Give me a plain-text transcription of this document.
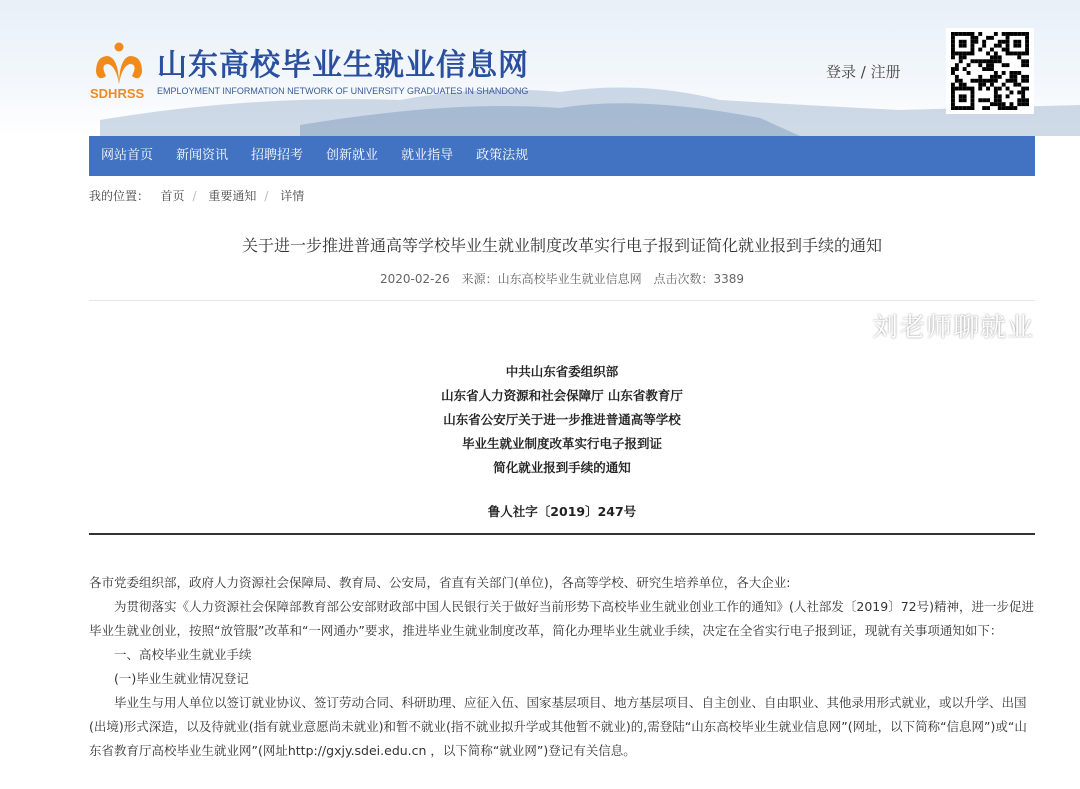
SDHRSS
山东高校毕业生就业信息网
EMPLOYMENT INFORMATION NETWORK OF UNIVERSITY GRADUATES IN SHANDONG
登录 / 注册
网站首页 新闻资讯 招聘招考 创新就业 就业指导 政策法规
我的位置： 首页 / 重要通知 / 详情
关于进一步推进普通高等学校毕业生就业制度改革实行电子报到证简化就业报到手续的通知
2020-02-26 来源：山东高校毕业生就业信息网 点击次数：3389
刘老师聊就业
中共山东省委组织部
山东省人力资源和社会保障厅 山东省教育厅
山东省公安厅关于进一步推进普通高等学校
毕业生就业制度改革实行电子报到证
简化就业报到手续的通知
鲁人社字〔2019〕247号

各市党委组织部，政府人力资源社会保障局、教育局、公安局，省直有关部门(单位)，各高等学校、研究生培养单位，各大企业:

为贯彻落实《人力资源社会保障部教育部公安部财政部中国人民银行关于做好当前形势下高校毕业生就业创业工作的通知》(人社部发〔2019〕72号)精神，进一步促进毕业生就业创业，按照“放管服”改革和“一网通办”要求，推进毕业生就业制度改革，简化办理毕业生就业手续，决定在全省实行电子报到证，现就有关事项通知如下：

一、高校毕业生就业手续

(一)毕业生就业情况登记

毕业生与用人单位以签订就业协议、签订劳动合同、科研助理、应征入伍、国家基层项目、地方基层项目、自主创业、自由职业、其他录用形式就业，或以升学、出国(出境)形式深造，以及待就业(指有就业意愿尚未就业)和暂不就业(指不就业拟升学或其他暂不就业)的,需登陆“山东高校毕业生就业信息网”(网址，以下简称“信息网”)或“山东省教育厅高校毕业生就业网”(网址http://gxjy.sdei.edu.cn ，以下简称“就业网”)登记有关信息。
